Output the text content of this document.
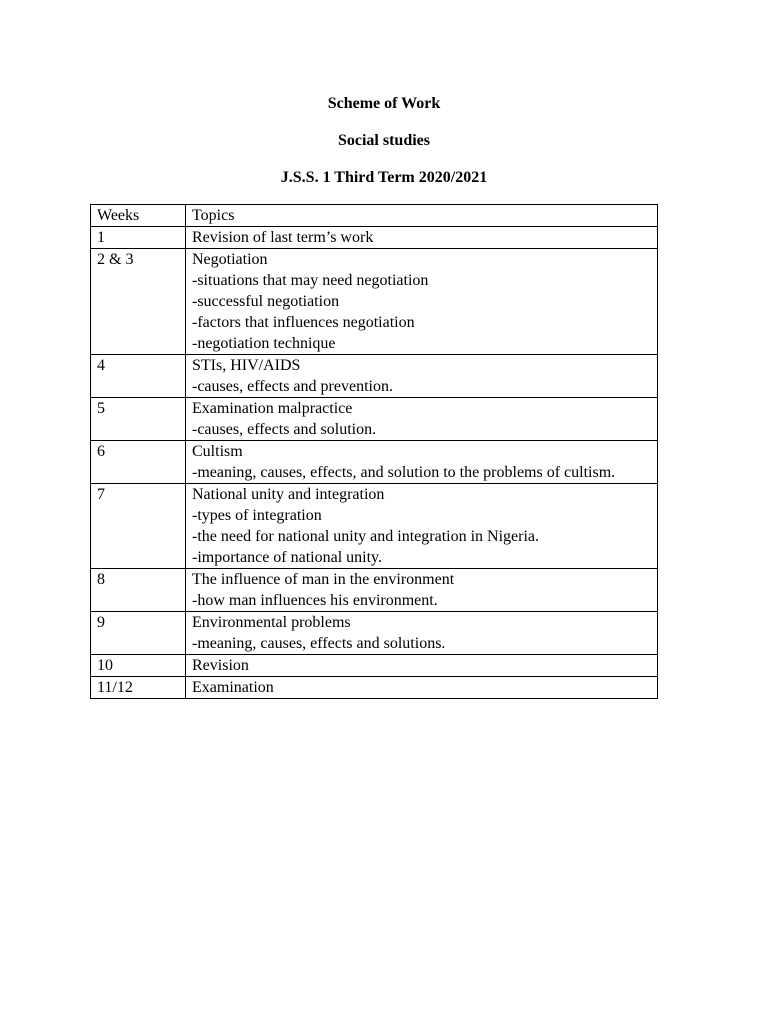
Scheme of Work

Social studies

J.S.S. 1 Third Term 2020/2021

Weeks	Topics
1	Revision of last term’s work

2 & 3	Negotiation
-situations that may need negotiation
-successful negotiation
-factors that influences negotiation
-negotiation technique

4	STIs, HIV/AIDS
-causes, effects and prevention.

5	Examination malpractice
-causes, effects and solution.

6	Cultism
-meaning, causes, effects, and solution to the problems of cultism.

7	National unity and integration
-types of integration
-the need for national unity and integration in Nigeria.
-importance of national unity.

8	The influence of man in the environment
-how man influences his environment.

9	Environmental problems
-meaning, causes, effects and solutions.

10	Revision

11/12	Examination
